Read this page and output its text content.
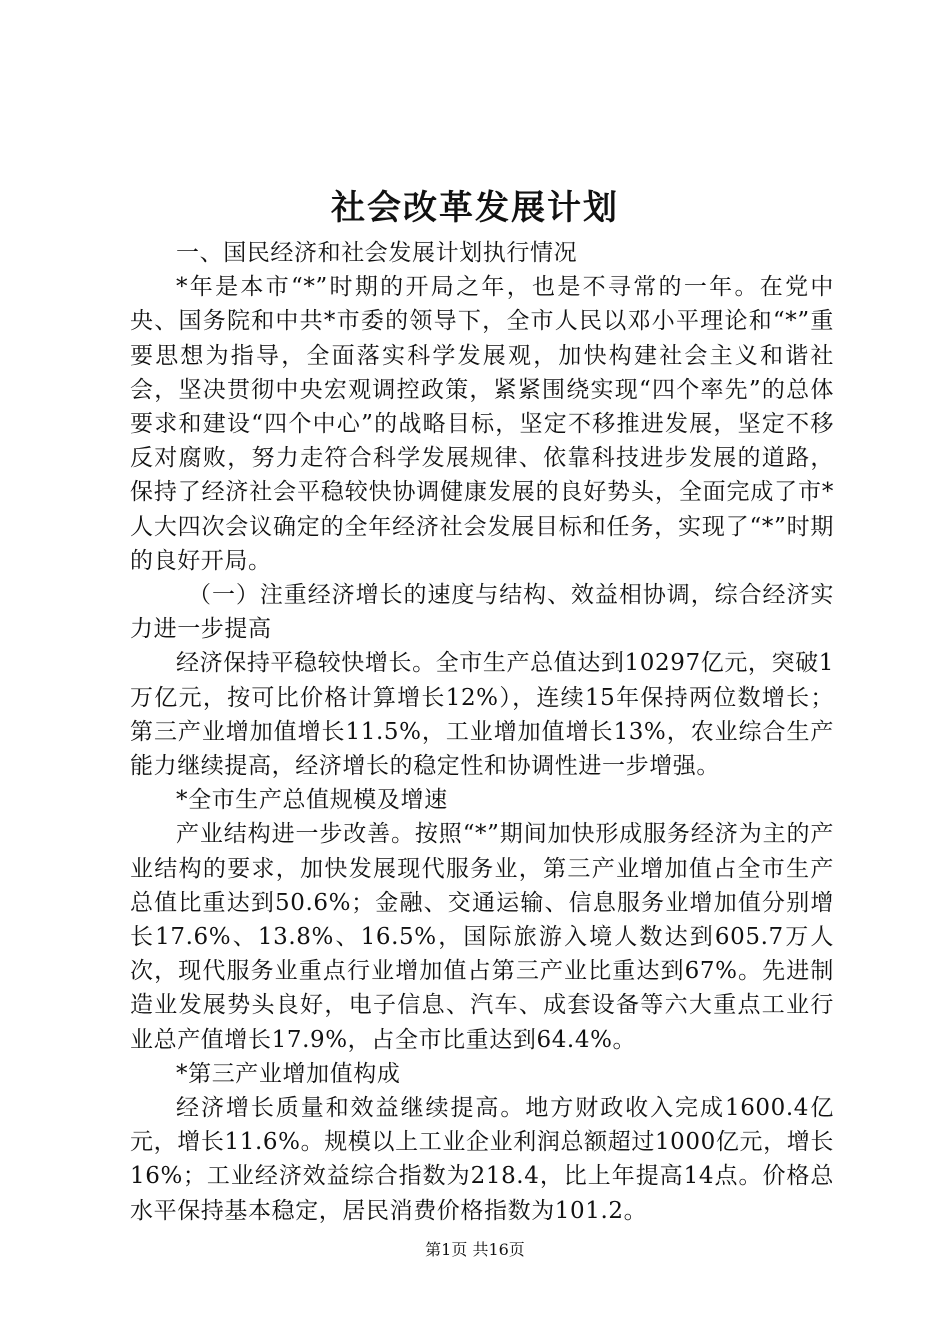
社会改革发展计划

一、国民经济和社会发展计划执行情况

*年是本市“*”时期的开局之年，也是不寻常的一年。在党中央、国务院和中共*市委的领导下，全市人民以邓小平理论和“*”重要思想为指导，全面落实科学发展观，加快构建社会主义和谐社会，坚决贯彻中央宏观调控政策，紧紧围绕实现“四个率先”的总体要求和建设“四个中心”的战略目标，坚定不移推进发展，坚定不移反对腐败，努力走符合科学发展规律、依靠科技进步发展的道路，保持了经济社会平稳较快协调健康发展的良好势头，全面完成了市*人大四次会议确定的全年经济社会发展目标和任务，实现了“*”时期的良好开局。

（一）注重经济增长的速度与结构、效益相协调，综合经济实力进一步提高

经济保持平稳较快增长。全市生产总值达到10297亿元，突破1万亿元，按可比价格计算增长12%），连续15年保持两位数增长；第三产业增加值增长11.5%，工业增加值增长13%，农业综合生产能力继续提高，经济增长的稳定性和协调性进一步增强。

*全市生产总值规模及增速

产业结构进一步改善。按照“*”期间加快形成服务经济为主的产业结构的要求，加快发展现代服务业，第三产业增加值占全市生产总值比重达到50.6%；金融、交通运输、信息服务业增加值分别增长17.6%、13.8%、16.5%，国际旅游入境人数达到605.7万人次，现代服务业重点行业增加值占第三产业比重达到67%。先进制造业发展势头良好，电子信息、汽车、成套设备等六大重点工业行业总产值增长17.9%，占全市比重达到64.4%。

*第三产业增加值构成

经济增长质量和效益继续提高。地方财政收入完成1600.4亿元，增长11.6%。规模以上工业企业利润总额超过1000亿元，增长16%；工业经济效益综合指数为218.4，比上年提高14点。价格总水平保持基本稳定，居民消费价格指数为101.2。

第1页 共16页
